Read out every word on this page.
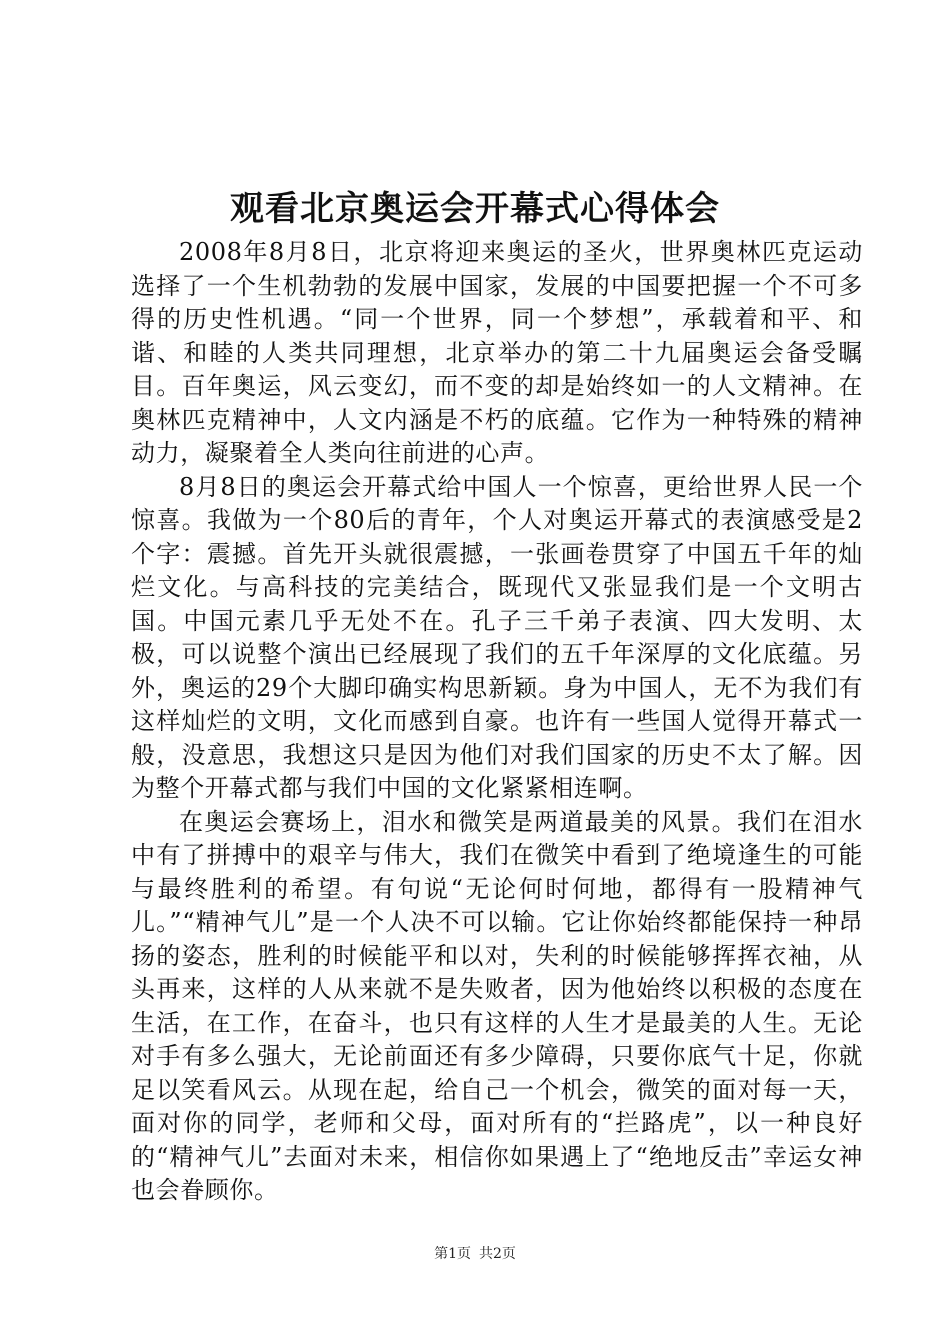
观看北京奥运会开幕式心得体会

2008年8月8日，北京将迎来奥运的圣火，世界奥林匹克运动选择了一个生机勃勃的发展中国家，发展的中国要把握一个不可多得的历史性机遇。“同一个世界，同一个梦想”，承载着和平、和谐、和睦的人类共同理想，北京举办的第二十九届奥运会备受瞩目。百年奥运，风云变幻，而不变的却是始终如一的人文精神。在奥林匹克精神中，人文内涵是不朽的底蕴。它作为一种特殊的精神动力，凝聚着全人类向往前进的心声。

8月8日的奥运会开幕式给中国人一个惊喜，更给世界人民一个惊喜。我做为一个80后的青年，个人对奥运开幕式的表演感受是2个字：震撼。首先开头就很震撼，一张画卷贯穿了中国五千年的灿烂文化。与高科技的完美结合，既现代又张显我们是一个文明古国。中国元素几乎无处不在。孔子三千弟子表演、四大发明、太极，可以说整个演出已经展现了我们的五千年深厚的文化底蕴。另外，奥运的29个大脚印确实构思新颖。身为中国人，无不为我们有这样灿烂的文明，文化而感到自豪。也许有一些国人觉得开幕式一般，没意思，我想这只是因为他们对我们国家的历史不太了解。因为整个开幕式都与我们中国的文化紧紧相连啊。

在奥运会赛场上，泪水和微笑是两道最美的风景。我们在泪水中有了拼搏中的艰辛与伟大，我们在微笑中看到了绝境逢生的可能与最终胜利的希望。有句说“无论何时何地，都得有一股精神气儿。”“精神气儿”是一个人决不可以输。它让你始终都能保持一种昂扬的姿态，胜利的时候能平和以对，失利的时候能够挥挥衣袖，从头再来，这样的人从来就不是失败者，因为他始终以积极的态度在生活，在工作，在奋斗，也只有这样的人生才是最美的人生。无论对手有多么强大，无论前面还有多少障碍，只要你底气十足，你就足以笑看风云。从现在起，给自己一个机会，微笑的面对每一天，面对你的同学，老师和父母，面对所有的“拦路虎”，以一种良好的“精神气儿”去面对未来，相信你如果遇上了“绝地反击”幸运女神也会眷顾你。

第1页 共2页
